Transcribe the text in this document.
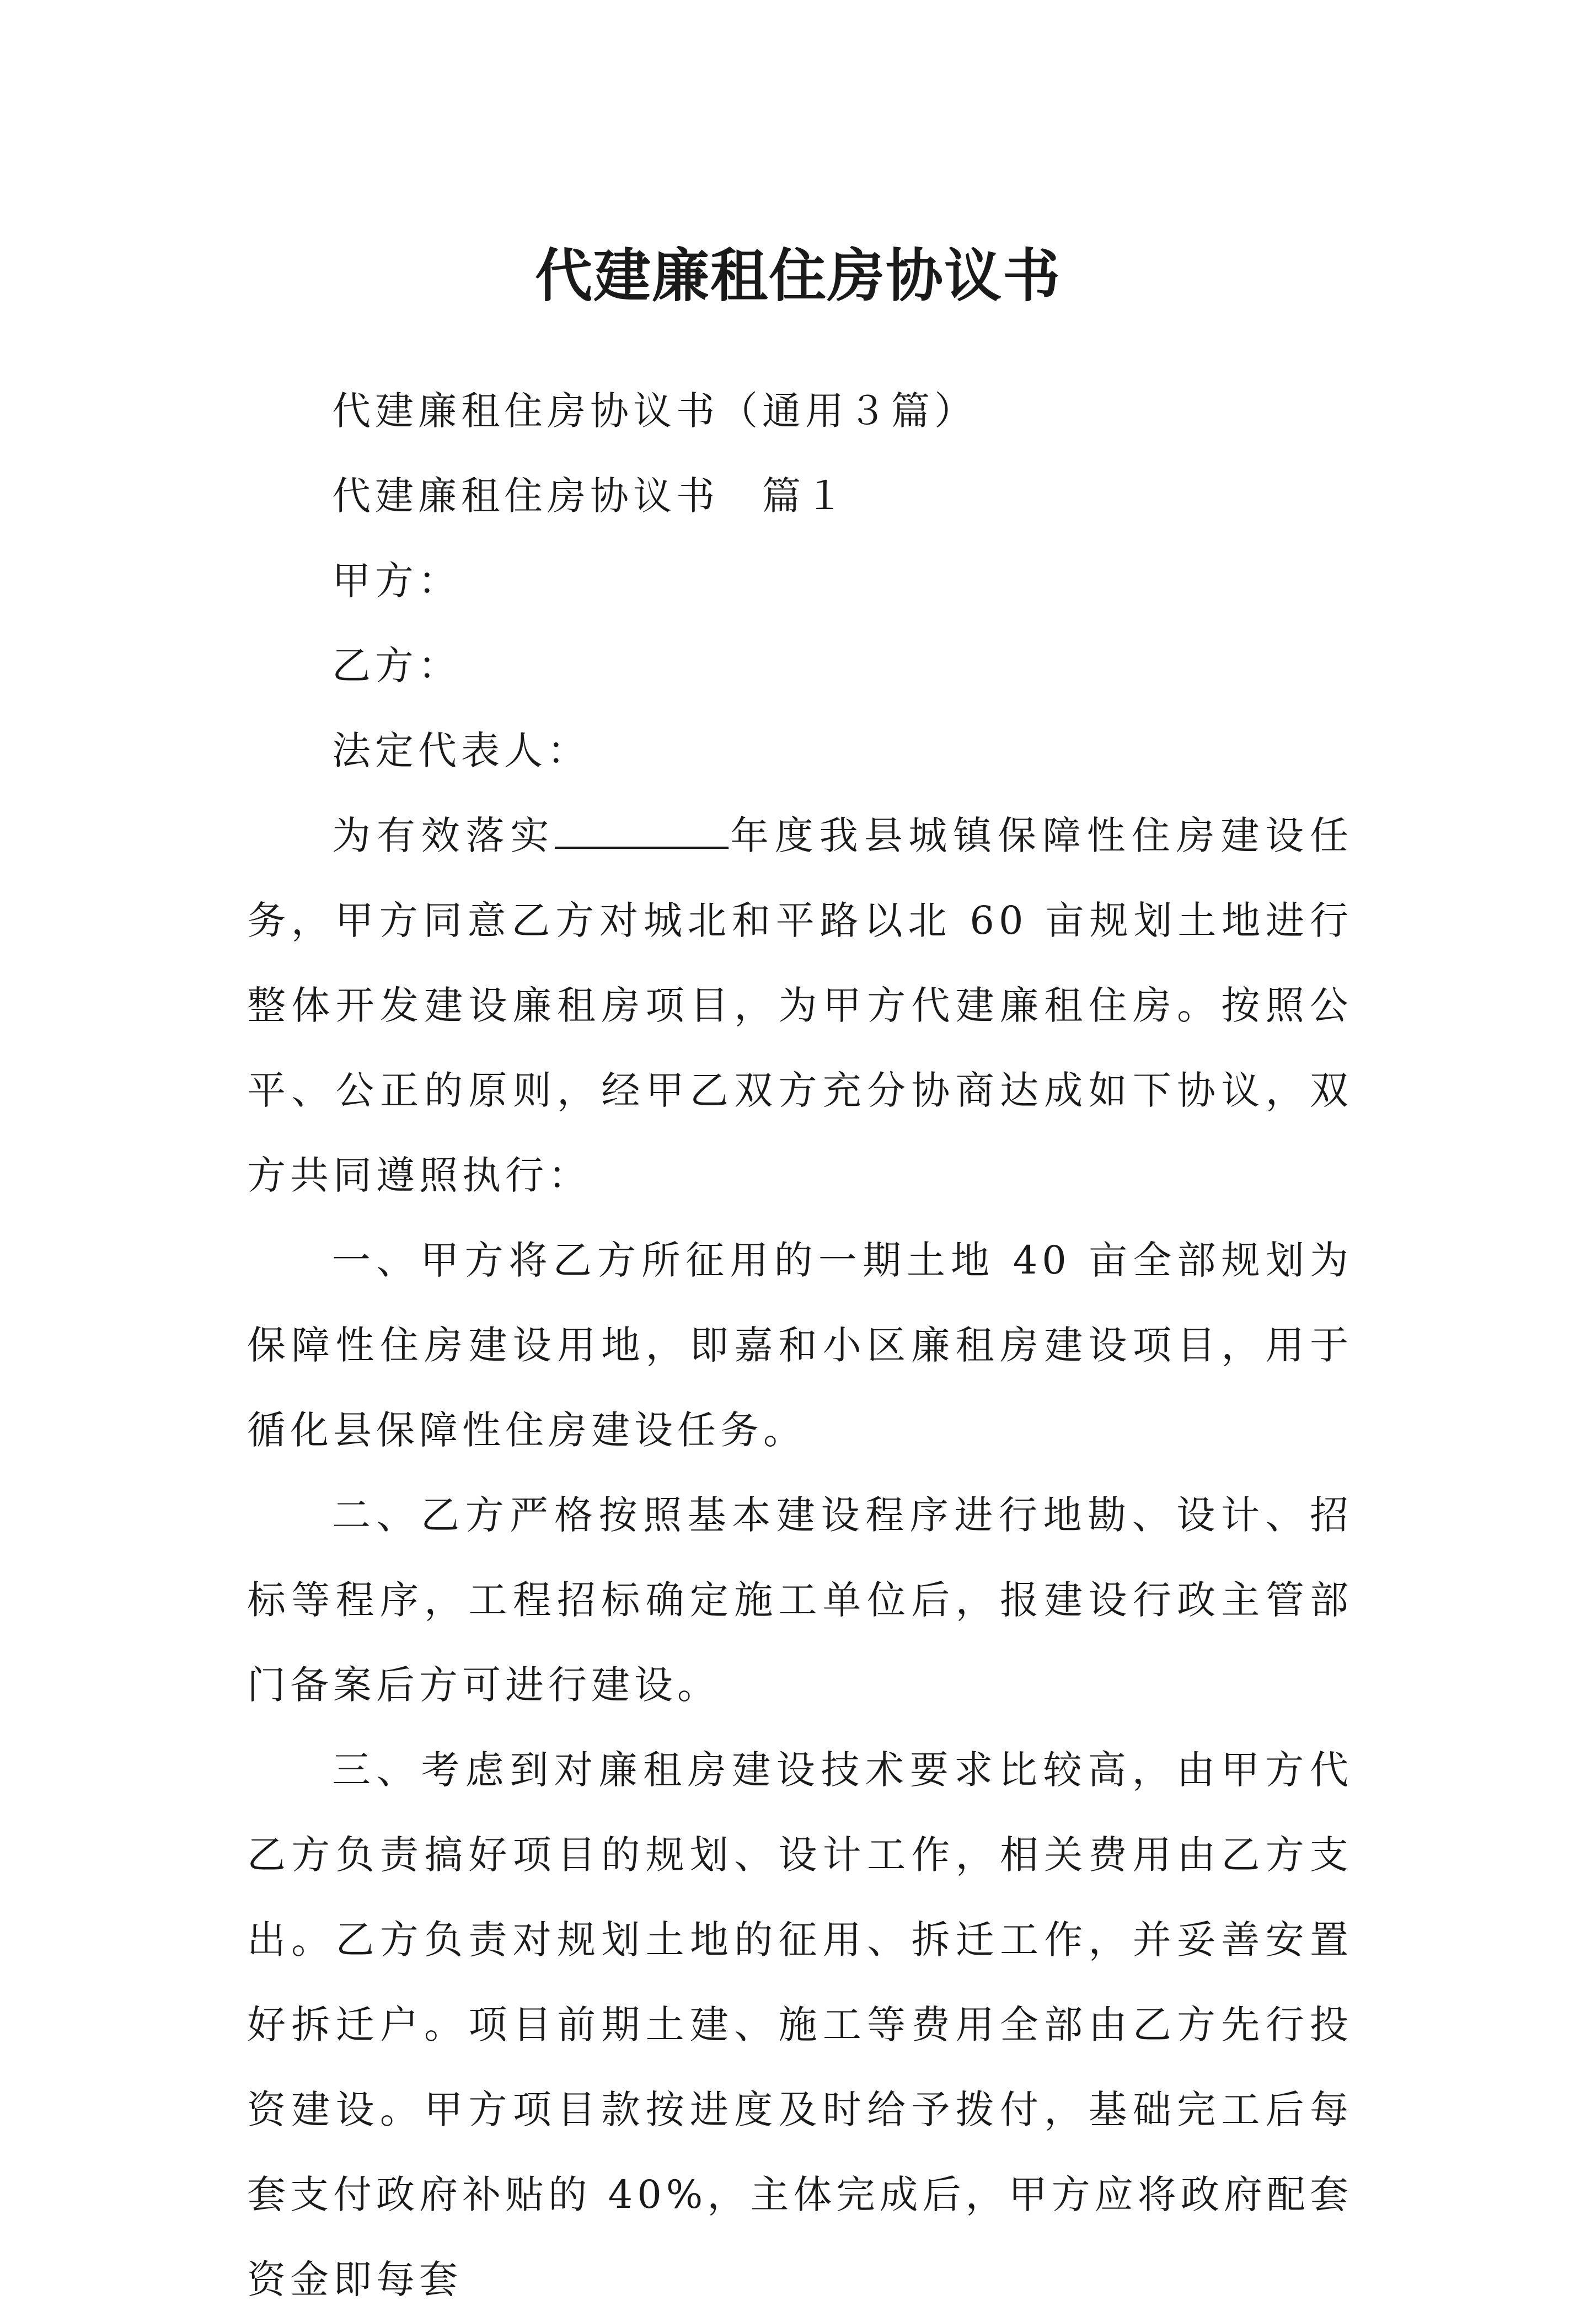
代建廉租住房协议书

代建廉租住房协议书（通用３篇）

代建廉租住房协议书　篇１

甲方：

乙方：

法定代表人：

为有效落实	年度我县城镇保障性住房建设任务，甲方同意乙方对城北和平路以北 60 亩规划土地进行整体开发建设廉租房项目，为甲方代建廉租住房。按照公平、公正的原则，经甲乙双方充分协商达成如下协议，双方共同遵照执行：

一、甲方将乙方所征用的一期土地 40 亩全部规划为保障性住房建设用地，即嘉和小区廉租房建设项目，用于循化县保障性住房建设任务。

二、乙方严格按照基本建设程序进行地勘、设计、招标等程序，工程招标确定施工单位后，报建设行政主管部门备案后方可进行建设。

三、考虑到对廉租房建设技术要求比较高，由甲方代乙方负责搞好项目的规划、设计工作，相关费用由乙方支出。乙方负责对规划土地的征用、拆迁工作，并妥善安置好拆迁户。项目前期土建、施工等费用全部由乙方先行投资建设。甲方项目款按进度及时给予拨付，基础完工后每套支付政府补贴的 40%，主体完成后，甲方应将政府配套资金即每套
